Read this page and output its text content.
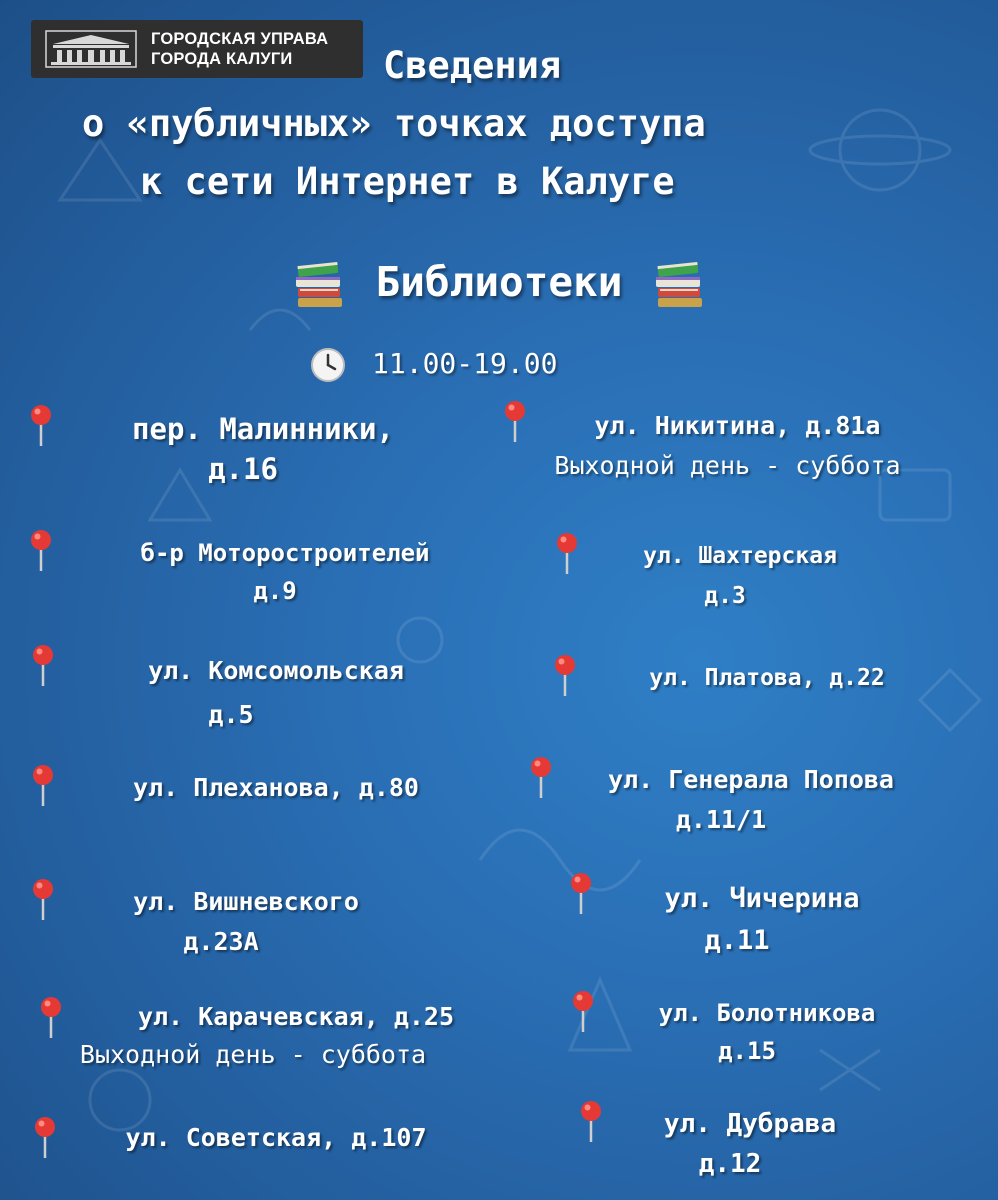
ГОРОДСКАЯ УПРАВА
ГОРОДА КАЛУГИ	Сведения
о «публичных» точках доступа
к сети Интернет в Калуге
Библиотеки
11.00-19.00
пер. Малинники,
д.16
б-р Моторостроителей
д.9
ул. Комсомольская
д.5
ул. Плеханова, д.80
ул. Вишневского
д.23А
ул. Карачевская, д.25
Выходной день - суббота
ул. Советская, д.107
ул. Никитина, д.81а
Выходной день - суббота
ул. Шахтерская
д.3
ул. Платова, д.22
ул. Генерала Попова
д.11/1
ул. Чичерина
д.11
ул. Болотникова
д.15
ул. Дубрава
д.12
